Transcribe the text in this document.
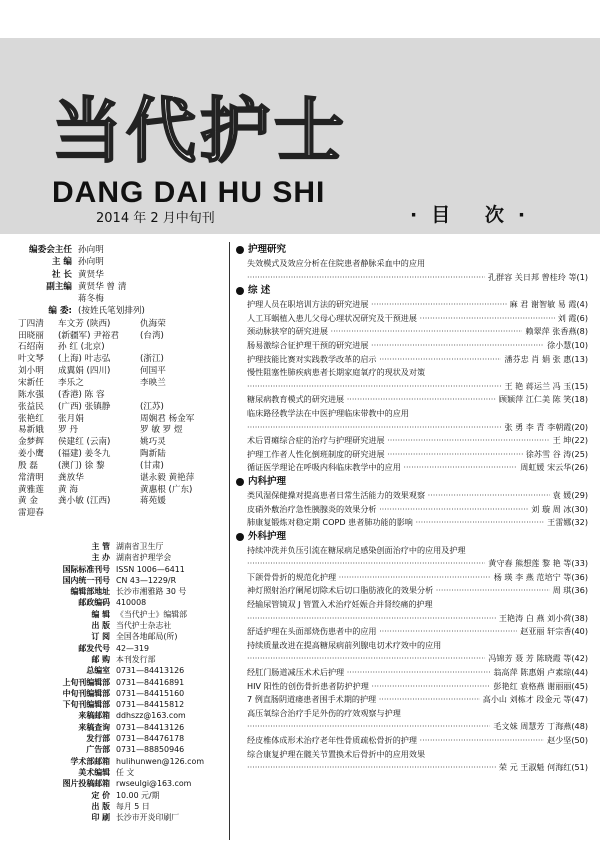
当代护士
DANG DAI HU SHI
2014 年 2 月中旬刊	·目 次·
编委会主任 孙向明
主 编 孙向明
社 长 黄贤华
副主编 黄贤华 曾 清
蒋冬梅
编 委: (按姓氏笔划排列)
丁四清	车文芳 (陕西)	仇海荣
田晓丽	(新疆军) 尹裕君	(台湾)
石绍南	孙 红 (北京)
叶文琴	(上海) 叶志弘	(浙江)
刘小明	成翼娟 (四川)	何国平
宋新任	李乐之	李映兰
陈水强	(香港) 陈 容
张益民	(广西) 张镇静	(江苏)
张艳红	张月娟	周娴君 杨金军
易新娥	罗 丹	罗 敏 罗 煜
金梦辉	侯建红 (云南)	姚巧灵
姜小鹰	(福建) 姜冬九	陶新陆
殷 磊	(澳门) 徐 黎	(甘肃)
常清明	龚放华	谌永毅 黄艳萍
黄雅莲	黄 海	黄惠根 (广东)
黄 金	龚小敏 (江西)	蒋苑媛
雷迎春
主 管 湖南省卫生厅
主 办 湖南省护理学会
国际标准刊号 ISSN 1006—6411
国内统一刊号 CN 43—1229/R
编辑部地址 长沙市湘雅路 30 号
邮政编码 410008
编 辑 《当代护士》编辑部
出 版 当代护士杂志社
订 阅 全国各地邮局(所)
邮发代号 42—319
邮 购 本刊发行部
总编室 0731—84413126
上旬刊编辑部 0731—84416891
中旬刊编辑部 0731—84415160
下旬刊编辑部 0731—84415812
来稿邮箱 ddhszz@163.com
来稿查询 0731—84413126
发行部 0731—84476178
广告部 0731—88850946
学术部邮箱 hulihunwen@126.com
美术编辑 任 文
图片投稿邮箱 rwseulgi@163.com
定 价 10.00 元/期
出 版 每月 5 日
印 刷 长沙市开炎印刷厂
护理研究
失效模式及效应分析在住院患者静脉采血中的应用
·····
孔群容 关日邦 曾桂玲 等(1)
综 述
护理人员在职培训方法的研究进展 ·····	麻 君 谢智敏 易 霞(4)
人工耳蜗植入患儿父母心理状况研究及干预进展 ·····	刘 霞(6)
颈动脉狭窄的研究进展 ·····	赖翠萍 张香燕(8)
肠易激综合征护理干预的研究进展 ·····	徐小慧(10)
护理技能比赛对实践教学改革的启示 ·····	潘芬忠 肖 娟 张 惠(13)
慢性阻塞性肺疾病患者长期家庭氧疗的现状及对策
·····
王 艳 蒋运兰 冯 玉(15)
糖尿病教育模式的研究进展 ·····	顾颖萍 江仁美 陈 笑(18)
临床路径教学法在中医护理临床带教中的应用
·····
张 勇 李 青 李朝霞(20)
术后胃瘫综合症的治疗与护理研究进展 ·····	王 坤(22)
护理工作者人性化倒班制度的研究进展 ·····	徐苏雪 谷 涛(25)
循证医学理论在呼吸内科临床教学中的应用 ·····	周虹媛 宋云华(26)
内科护理
类风湿保健操对提高患者日常生活能力的效果观察 ·····	袁 媛(29)
皮硝外敷治疗急性胰腺炎的效果分析 ·····	刘 璇 周 冰(30)
肺康复锻炼对稳定期 COPD 患者肺功能的影响 ·····	王雷娜(32)
外科护理
持续冲洗并负压引流在糖尿病足感染创面治疗中的应用及护理
·····
黄守春 熊想莲 黎 艳 等(33)
下颌骨骨折的规范化护理 ·····	杨 瑛 李 燕 范培宁 等(36)
神灯照射治疗阑尾切除术后切口脂肪液化的效果分析 ·····	周 琪(36)
经输尿管镜双 J 管置入术治疗妊娠合并肾绞痛的护理
·····
王艳涛 白 燕 刘小荷(38)
舒适护理在头面部烧伤患者中的应用 ·····	赵亚丽 轩宗香(40)
持续质量改进在提高糖尿病前列腺电切术疗效中的应用
·····
冯锦芳 聂 芳 陈晓霞 等(42)
经肛门肠道减压术术后护理 ·····	翁高萍 陈惠娟 卢素琼(44)
HIV 阳性的创伤骨折患者防护护理 ·····	彭艳红 袁格燕 谢丽丽(45)
7 例直肠阴道瘘患者围手术期的护理 ·····	高小山 刘栋才 段金元 等(47)
高压氧综合治疗手足外伤的疗效观察与护理
·····
毛文妹 周慧芳 丁海燕(48)
经皮椎体成形术治疗老年性骨质疏松骨折的护理 ·····	赵少坚(50)
综合康复护理在髋关节置换术后骨折中的应用效果
·····
荣 元 王淑魁 何海红(51)
